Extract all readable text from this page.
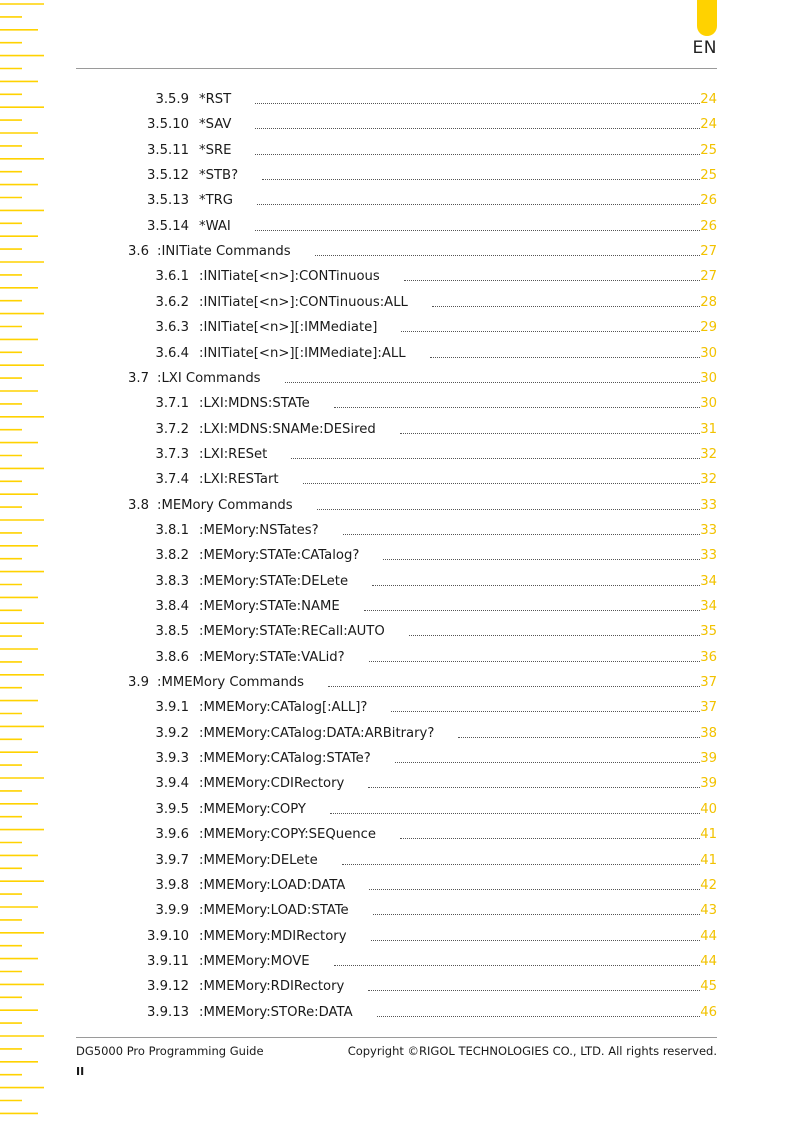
EN
3.5.9 *RST	24
3.5.10 *SAV	24
3.5.11 *SRE	25
3.5.12 *STB?	25
3.5.13 *TRG	26
3.5.14 *WAI	26
3.6 :INITiate Commands	27
3.6.1 :INITiate[<n>]:CONTinuous	27
3.6.2 :INITiate[<n>]:CONTinuous:ALL	28
3.6.3 :INITiate[<n>][:IMMediate]	29
3.6.4 :INITiate[<n>][:IMMediate]:ALL	30
3.7 :LXI Commands	30
3.7.1 :LXI:MDNS:STATe	30
3.7.2 :LXI:MDNS:SNAMe:DESired	31
3.7.3 :LXI:RESet	32
3.7.4 :LXI:RESTart	32
3.8 :MEMory Commands	33
3.8.1 :MEMory:NSTates?	33
3.8.2 :MEMory:STATe:CATalog?	33
3.8.3 :MEMory:STATe:DELete	34
3.8.4 :MEMory:STATe:NAME	34
3.8.5 :MEMory:STATe:RECall:AUTO	35
3.8.6 :MEMory:STATe:VALid?	36
3.9 :MMEMory Commands	37
3.9.1 :MMEMory:CATalog[:ALL]?	37
3.9.2 :MMEMory:CATalog:DATA:ARBitrary?	38
3.9.3 :MMEMory:CATalog:STATe?	39
3.9.4 :MMEMory:CDIRectory	39
3.9.5 :MMEMory:COPY	40
3.9.6 :MMEMory:COPY:SEQuence	41
3.9.7 :MMEMory:DELete	41
3.9.8 :MMEMory:LOAD:DATA	42
3.9.9 :MMEMory:LOAD:STATe	43
3.9.10 :MMEMory:MDIRectory	44
3.9.11 :MMEMory:MOVE	44
3.9.12 :MMEMory:RDIRectory	45
3.9.13 :MMEMory:STORe:DATA	46
DG5000 Pro Programming Guide	Copyright ©RIGOL TECHNOLOGIES CO., LTD. All rights reserved.
II
